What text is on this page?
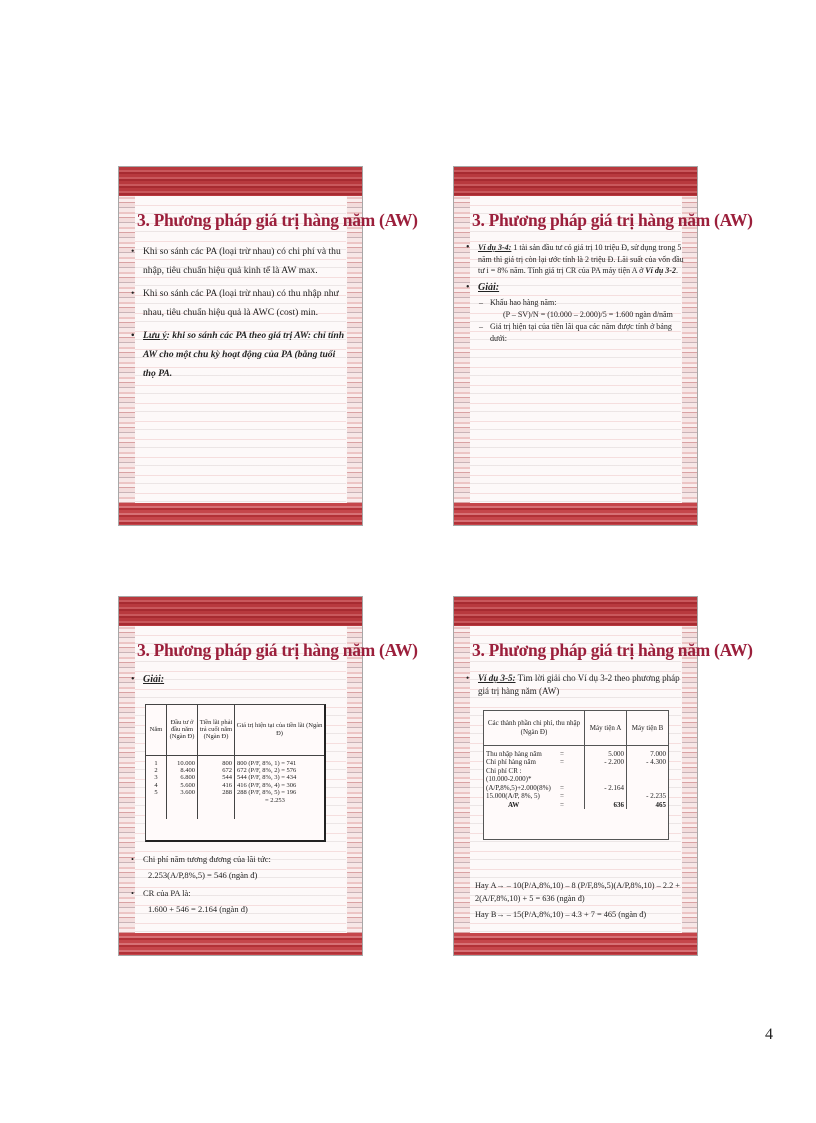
3. Phương pháp giá trị hàng năm (AW)
• Khi so sánh các PA (loại trừ nhau) có chi phí và thu nhập, tiêu chuẩn hiệu quả kinh tế là AW max.
• Khi so sánh các PA (loại trừ nhau) có thu nhập như nhau, tiêu chuẩn hiệu quả là AWC (cost) min.
• Lưu ý: khi so sánh các PA theo giá trị AW: chỉ tính AW cho một chu kỳ hoạt động của PA (bằng tuổi thọ PA.
3. Phương pháp giá trị hàng năm (AW)
• Ví dụ 3-4: 1 tài sản đầu tư có giá trị 10 triệu Đ, sử dụng trong 5 năm thì giá trị còn lại ước tính là 2 triệu Đ. Lãi suất của vốn đầu tư i = 8% năm. Tính giá trị CR của PA máy tiện A ở Ví dụ 3-2.
• Giải:
– Khấu hao hàng năm:
(P – SV)/N = (10.000 – 2.000)/5 = 1.600 ngàn đ/năm
– Giá trị hiện tại của tiền lãi qua các năm được tính ở bảng dưới:
3. Phương pháp giá trị hàng năm (AW)
• Giải:
Năm	Đầu tư ở đầu năm (Ngàn Đ)	Tiền lãi phải trả cuối năm (Ngàn Đ)	Giá trị hiện tại của tiền lãi (Ngàn Đ)
1	10.000	800	800 (P/F, 8%, 1) = 741
2	8.400	672	672 (P/F, 8%, 2) = 576
3	6.800	544	544 (P/F, 8%, 3) = 434
4	5.600	416	416 (P/F, 8%, 4) = 306
5	3.600	288	288 (P/F, 8%, 5) = 196
			= 2.253
• Chi phí năm tương đương của lãi tức:
2.253(A/P,8%,5) = 546 (ngàn đ)
• CR của PA là:
1.600 + 546 = 2.164 (ngàn đ)
3. Phương pháp giá trị hàng năm (AW)
• Ví dụ 3-5: Tìm lời giải cho Ví dụ 3-2 theo phương pháp giá trị hàng năm (AW)
Các thành phần chi phí, thu nhập (Ngàn Đ)	Máy tiện A	Máy tiện B
Thu nhập hàng năm =	5.000	7.000
Chi phí hàng năm =	- 2.200	- 4.300
Chi phí CR :		
(10.000-2.000)*		
(A/P,8%,5)+2.000(8%) =	- 2.164	
15.000(A/P, 8%, 5) =		- 2.235
AW =	636	465
Hay A→ – 10(P/A,8%,10) – 8 (P/F,8%,5)(A/P,8%,10) – 2.2 + 2(A/F,8%,10) + 5 = 636 (ngàn đ)
Hay B→ – 15(P/A,8%,10) – 4.3 + 7 = 465 (ngàn đ)
4
